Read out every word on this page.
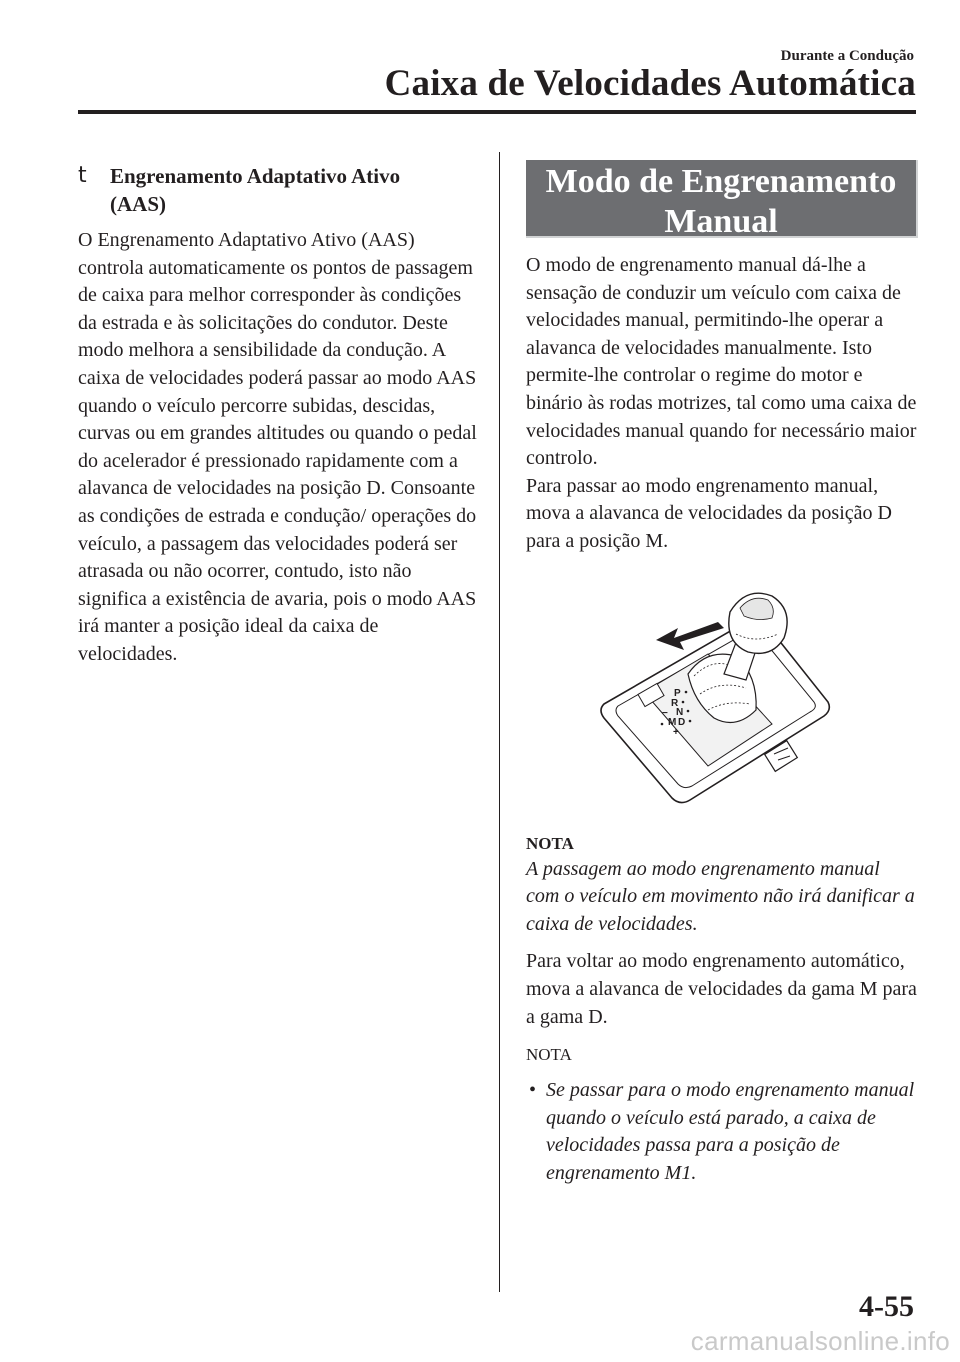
Durante a Condução
Caixa de Velocidades Automática
t Engrenamento Adaptativo Ativo
(AAS)

O Engrenamento Adaptativo Ativo (AAS) controla automaticamente os pontos de passagem de caixa para melhor corresponder às condições da estrada e às solicitações do condutor. Deste modo melhora a sensibilidade da condução. A caixa de velocidades poderá passar ao modo AAS quando o veículo percorre subidas, descidas, curvas ou em grandes altitudes ou quando o pedal do acelerador é pressionado rapidamente com a alavanca de velocidades na posição D. Consoante as condições de estrada e condução/ operações do veículo, a passagem das velocidades poderá ser atrasada ou não ocorrer, contudo, isto não significa a existência de avaria, pois o modo AAS irá manter a posição ideal da caixa de velocidades.

Modo de Engrenamento
Manual

O modo de engrenamento manual dá-lhe a sensação de conduzir um veículo com caixa de velocidades manual, permitindo-lhe operar a alavanca de velocidades manualmente. Isto permite-lhe controlar o regime do motor e binário às rodas motrizes, tal como uma caixa de velocidades manual quando for necessário maior controlo.

Para passar ao modo engrenamento manual, mova a alavanca de velocidades da posição D para a posição M.

P
R
N
M D
−
+
NOTA

A passagem ao modo engrenamento manual com o veículo em movimento não irá danificar a caixa de velocidades.

Para voltar ao modo engrenamento automático, mova a alavanca de velocidades da gama M para a gama D.

NOTA
• Se passar para o modo engrenamento manual quando o veículo está parado, a caixa de velocidades passa para a posição de engrenamento M1.
4-55
carmanualsonline.info
